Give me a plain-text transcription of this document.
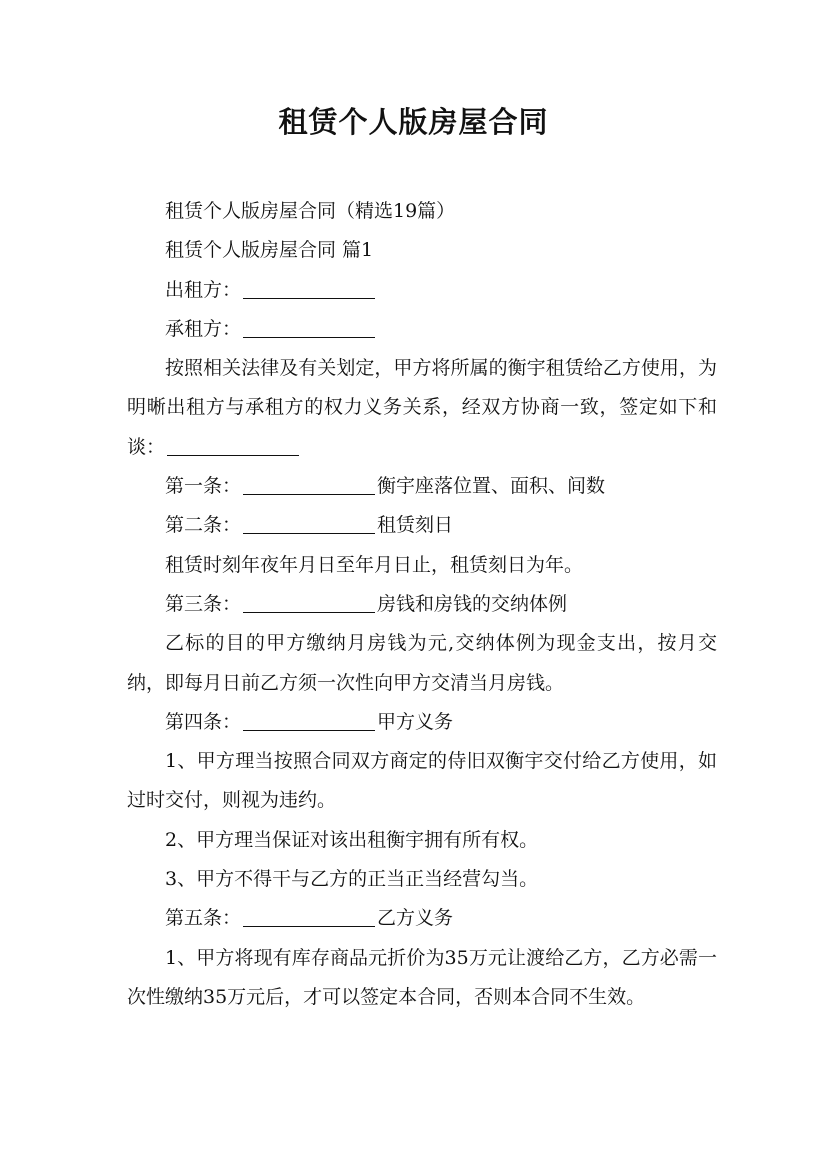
租赁个人版房屋合同

租赁个人版房屋合同（精选19篇）

租赁个人版房屋合同 篇1

出租方：

承租方：

按照相关法律及有关划定，甲方将所属的衡宇租赁给乙方使用，为明晰出租方与承租方的权力义务关系，经双方协商一致，签定如下和谈：

第一条：	衡宇座落位置、面积、间数

第二条：	租赁刻日

租赁时刻年夜年月日至年月日止，租赁刻日为年。

第三条：	房钱和房钱的交纳体例

乙标的目的甲方缴纳月房钱为元,交纳体例为现金支出，按月交纳，即每月日前乙方须一次性向甲方交清当月房钱。

第四条：	甲方义务

1、甲方理当按照合同双方商定的侍旧双衡宇交付给乙方使用，如过时交付，则视为违约。

2、甲方理当保证对该出租衡宇拥有所有权。

3、甲方不得干与乙方的正当正当经营勾当。

第五条：	乙方义务

1、甲方将现有库存商品元折价为35万元让渡给乙方，乙方必需一次性缴纳35万元后，才可以签定本合同，否则本合同不生效。
